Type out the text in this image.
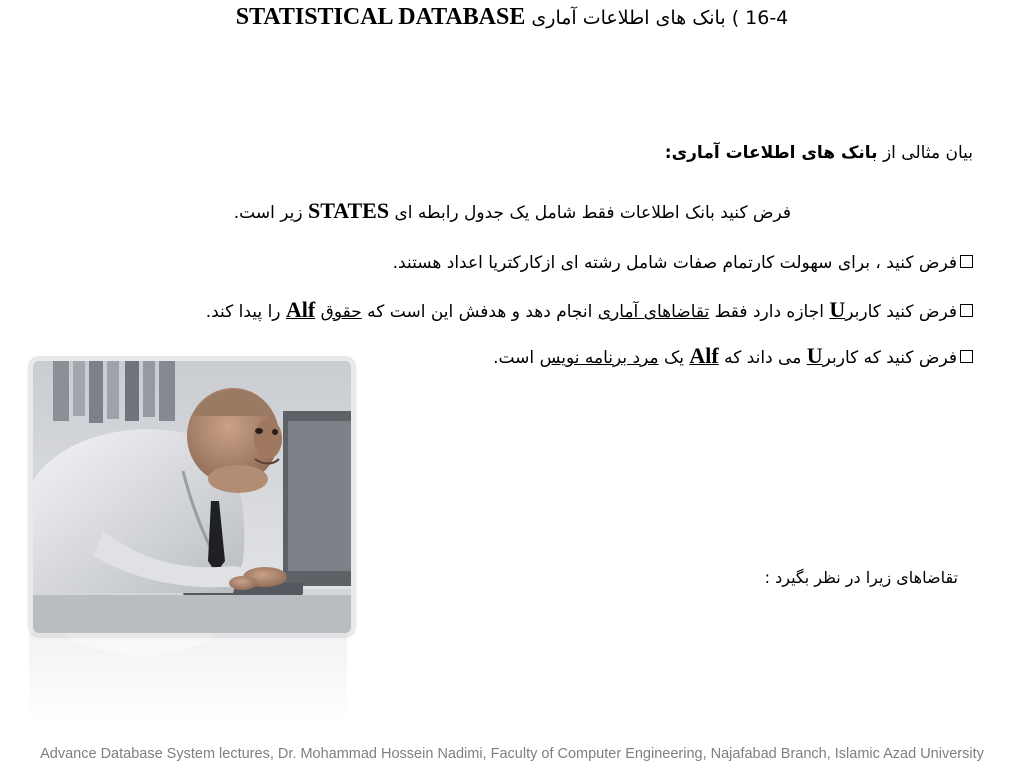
16-4 ) بانک های اطلاعات آماری STATISTICAL DATABASE
بیان مثالی از بانک های اطلاعات آماری:
فرض کنید بانک اطلاعات فقط شامل یک جدول رابطه ای STATES زیر است.
فرض کنید ، برای سهولت کارتمام صفات شامل رشته ای ازکارکتریا اعداد هستند.
فرض کنید کاربرU اجازه دارد فقط تقاضاهای آماری انجام دهد و هدفش این است که حقوق Alf را پیدا کند.
فرض کنید که کاربرU می داند که Alf یک مرد برنامه نویس است.
تقاضاهای زیرا در نظر بگیرد :
Advance Database System lectures, Dr. Mohammad Hossein Nadimi, Faculty of Computer Engineering, Najafabad Branch, Islamic Azad University
